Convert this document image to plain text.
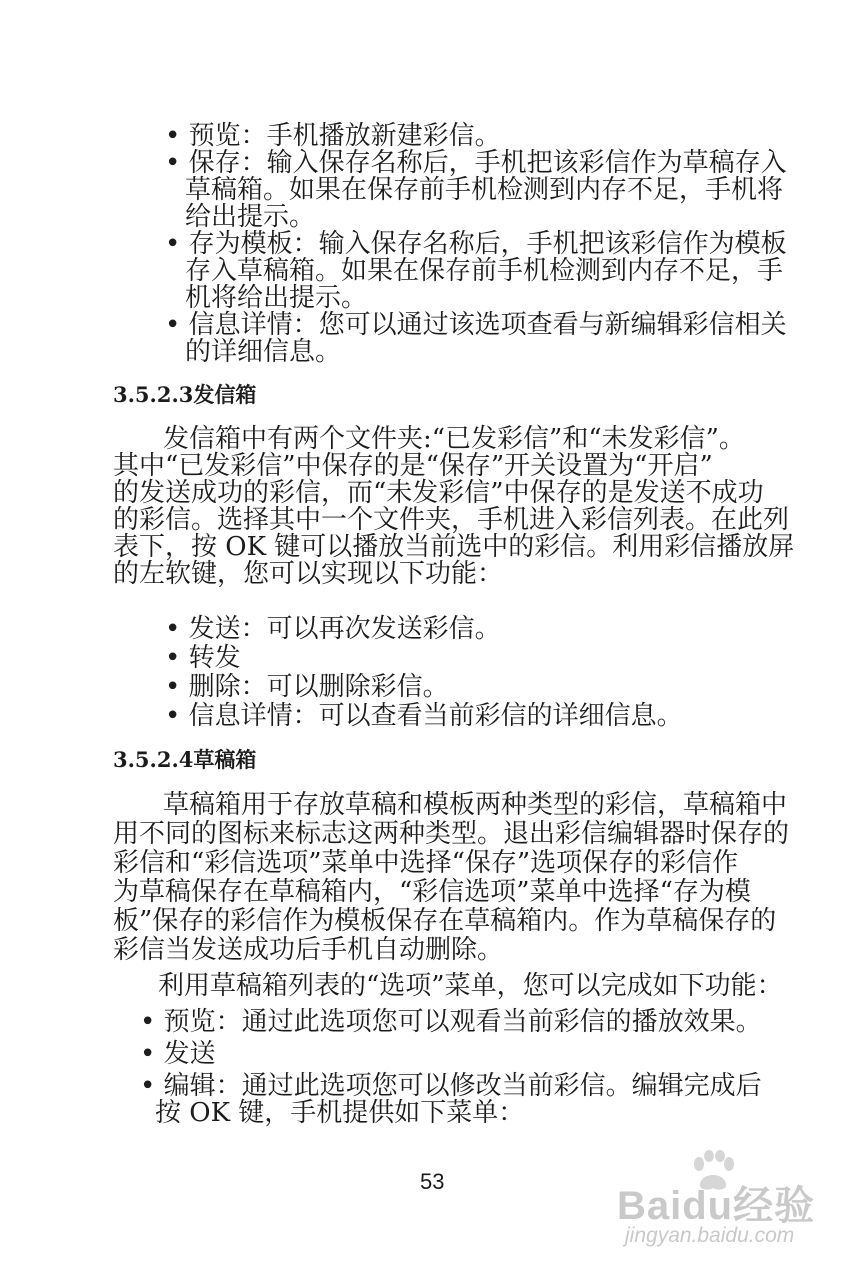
• 预览：手机播放新建彩信。
• 保存：输入保存名称后，手机把该彩信作为草稿存入
草稿箱。如果在保存前手机检测到内存不足，手机将
给出提示。
• 存为模板：输入保存名称后，手机把该彩信作为模板
存入草稿箱。如果在保存前手机检测到内存不足，手
机将给出提示。
• 信息详情：您可以通过该选项查看与新编辑彩信相关
的详细信息。
3.5.2.3发信箱
发信箱中有两个文件夹:“已发彩信”和“未发彩信”。
其中“已发彩信”中保存的是“保存”开关设置为“开启”
的发送成功的彩信，而“未发彩信”中保存的是发送不成功
的彩信。选择其中一个文件夹，手机进入彩信列表。在此列
表下，按 OK 键可以播放当前选中的彩信。利用彩信播放屏
的左软键，您可以实现以下功能：
• 发送：可以再次发送彩信。
• 转发
• 删除：可以删除彩信。
• 信息详情：可以查看当前彩信的详细信息。
3.5.2.4草稿箱
草稿箱用于存放草稿和模板两种类型的彩信，草稿箱中
用不同的图标来标志这两种类型。退出彩信编辑器时保存的
彩信和“彩信选项”菜单中选择“保存”选项保存的彩信作
为草稿保存在草稿箱内，“彩信选项”菜单中选择“存为模
板”保存的彩信作为模板保存在草稿箱内。作为草稿保存的
彩信当发送成功后手机自动删除。
利用草稿箱列表的“选项”菜单，您可以完成如下功能：
• 预览：通过此选项您可以观看当前彩信的播放效果。
• 发送
• 编辑：通过此选项您可以修改当前彩信。编辑完成后
按 OK 键，手机提供如下菜单：
53
Baidu经验
jingyan.baidu.com
